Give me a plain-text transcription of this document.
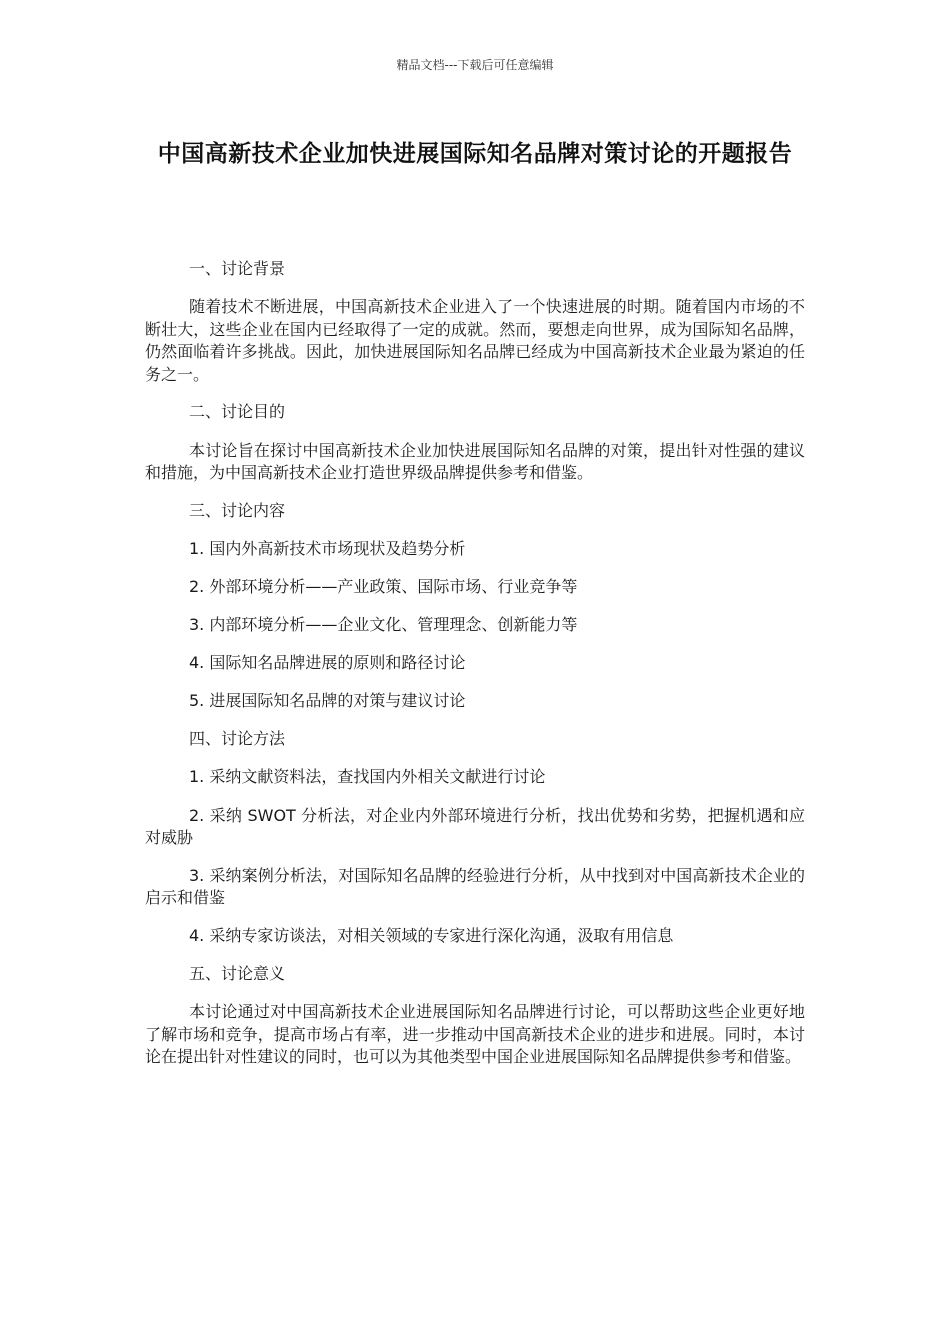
精品文档---下载后可任意编辑
中国高新技术企业加快进展国际知名品牌对策讨论的开题报告

一、讨论背景

随着技术不断进展，中国高新技术企业进入了一个快速进展的时期。随着国内市场的不断壮大，这些企业在国内已经取得了一定的成就。然而，要想走向世界，成为国际知名品牌，仍然面临着许多挑战。因此，加快进展国际知名品牌已经成为中国高新技术企业最为紧迫的任务之一。

二、讨论目的

本讨论旨在探讨中国高新技术企业加快进展国际知名品牌的对策，提出针对性强的建议和措施，为中国高新技术企业打造世界级品牌提供参考和借鉴。

三、讨论内容

1. 国内外高新技术市场现状及趋势分析

2. 外部环境分析——产业政策、国际市场、行业竞争等

3. 内部环境分析——企业文化、管理理念、创新能力等

4. 国际知名品牌进展的原则和路径讨论

5. 进展国际知名品牌的对策与建议讨论

四、讨论方法

1. 采纳文献资料法，查找国内外相关文献进行讨论

2. 采纳 SWOT 分析法，对企业内外部环境进行分析，找出优势和劣势，把握机遇和应对威胁

3. 采纳案例分析法，对国际知名品牌的经验进行分析，从中找到对中国高新技术企业的启示和借鉴

4. 采纳专家访谈法，对相关领域的专家进行深化沟通，汲取有用信息

五、讨论意义

本讨论通过对中国高新技术企业进展国际知名品牌进行讨论，可以帮助这些企业更好地了解市场和竞争，提高市场占有率，进一步推动中国高新技术企业的进步和进展。同时，本讨论在提出针对性建议的同时，也可以为其他类型中国企业进展国际知名品牌提供参考和借鉴。
